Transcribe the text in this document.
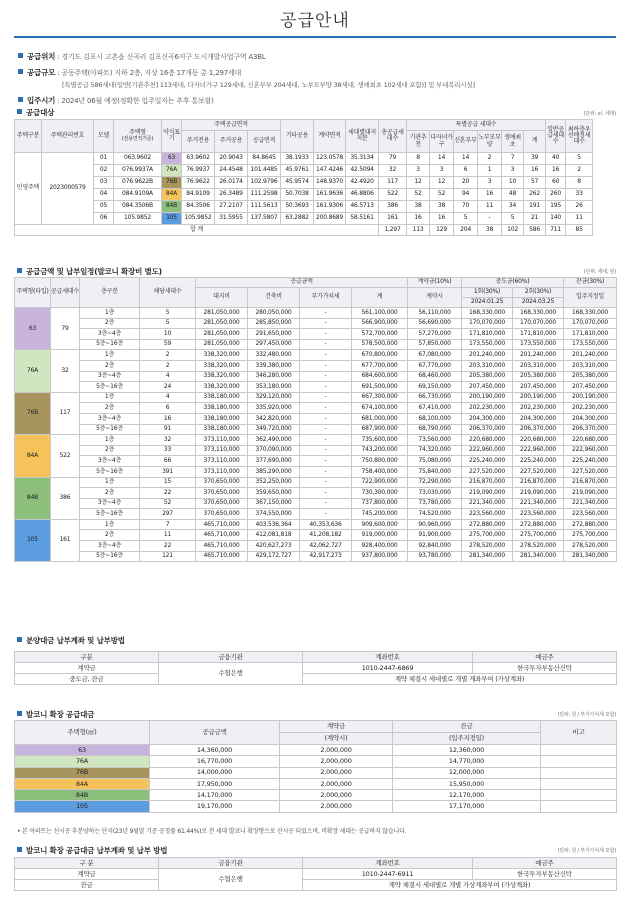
공급안내
공급위치 : 경기도 김포시 고촌읍 신곡리 김포신곡6지구 도시개발사업구역 A3BL
공급규모 : 공동주택(아파트) 지하 2층, 지상 16층 17개동 총 1,297세대
[특별공급 586세대(일반[기관추천] 113세대, 다자녀가구 129세대, 신혼부부 204세대, 노부모부양 38세대, 생애최초 102세대 포함)] 및 부대복리시설]
입주시기 : 2024년 06월 예정(정확한 입주일자는 추후 통보함)
공급대상	(단위: ㎡, 세대)
주택구분	주택관리번호	모델	주택형
(전용면적기준)	약식표기	주택공급면적			기타공용	계약면적	세대별대지지분	총공급세대수	특별공급 세대수						일반공급세대수	최하층우선배정세대수
					주거전용	주거공용	공급면적					기관추천	다자녀가구	신혼부부	노부모부양	생애최초	계		
민영주택	2023000579	01	063.9602	63	63.9602	20.9043	84.8645	38.1933	123.0578	35.3134	79	8	14	14	2	7	39	40	5
		02	076.9937A	76A	76.9937	24.4548	101.4485	45.9761	147.4246	42.5094	32	3	3	6	1	3	16	16	2
		03	076.9622B	76B	76.9622	26.0174	102.9796	45.9574	148.9370	42.4920	117	12	12	20	3	10	57	60	8
		04	084.9109A	84A	84.9109	26.3489	111.2598	50.7038	161.9636	46.8806	522	52	52	94	16	48	262	260	33
		05	084.3506B	84B	84.3506	27.2107	111.5613	50.3693	161.9306	46.5713	386	38	38	70	11	34	191	195	26
		06	105.9852	105	105.9852	31.5955	137.5807	63.2882	200.8689	58.5161	161	16	16	5	-	5	21	140	11
합 계											1,297	113	129	204	38	102	586	711	85
공급금액 및 납부일정(발코니 확장비 별도)	(단위: 세대, 원)
주택형(타입)	공급세대수	층구분	해당세대수	공급금액				계약금(10%)	중도금(60%)		잔금(30%)
				대지비	건축비	부가가치세	계	계약시	1회(30%)	2회(30%)	입주지정일
									2024.01.25	2024.03.25	
63	79	1층	5	281,050,000	280,050,000	-	561,100,000	56,110,000	168,330,000	168,330,000	168,330,000
		2층	5	281,050,000	285,850,000	-	566,900,000	56,690,000	170,070,000	170,070,000	170,070,000
		3층~4층	10	281,050,000	291,650,000	-	572,700,000	57,270,000	171,810,000	171,810,000	171,810,000
		5층~16층	59	281,050,000	297,450,000	-	578,500,000	57,850,000	173,550,000	173,550,000	173,550,000
76A	32	1층	2	338,320,000	332,480,000	-	670,800,000	67,080,000	201,240,000	201,240,000	201,240,000
		2층	2	338,320,000	339,380,000	-	677,700,000	67,770,000	203,310,000	203,310,000	203,310,000
		3층~4층	4	338,320,000	346,280,000	-	684,600,000	68,460,000	205,380,000	205,380,000	205,380,000
		5층~16층	24	338,320,000	353,180,000	-	691,500,000	69,150,000	207,450,000	207,450,000	207,450,000
76B	117	1층	4	338,180,000	329,120,000	-	667,300,000	66,730,000	200,190,000	200,190,000	200,190,000
		2층	6	338,180,000	335,920,000	-	674,100,000	67,410,000	202,230,000	202,230,000	202,230,000
		3층~4층	16	338,180,000	342,820,000	-	681,000,000	68,100,000	204,300,000	204,300,000	204,300,000
		5층~16층	91	338,180,000	349,720,000	-	687,900,000	68,790,000	206,370,000	206,370,000	206,370,000
84A	522	1층	32	373,110,000	362,490,000	-	735,600,000	73,560,000	220,680,000	220,680,000	220,680,000
		2층	33	373,110,000	370,090,000	-	743,200,000	74,320,000	222,960,000	222,960,000	222,960,000
		3층~4층	66	373,110,000	377,690,000	-	750,800,000	75,080,000	225,240,000	225,240,000	225,240,000
		5층~16층	391	373,110,000	385,290,000	-	758,400,000	75,840,000	227,520,000	227,520,000	227,520,000
84B	386	1층	15	370,650,000	352,250,000	-	722,900,000	72,290,000	216,870,000	216,870,000	216,870,000
		2층	22	370,650,000	359,650,000	-	730,300,000	73,030,000	219,090,000	219,090,000	219,090,000
		3층~4층	52	370,650,000	367,150,000	-	737,800,000	73,780,000	221,340,000	221,340,000	221,340,000
		5층~16층	297	370,650,000	374,550,000	-	745,200,000	74,520,000	223,560,000	223,560,000	223,560,000
105	161	1층	7	465,710,000	403,536,364	40,353,636	909,600,000	90,960,000	272,880,000	272,880,000	272,880,000
		2층	11	465,710,000	412,081,818	41,208,182	919,000,000	91,900,000	275,700,000	275,700,000	275,700,000
		3층~4층	22	465,710,000	420,627,273	42,062,727	928,400,000	92,840,000	278,520,000	278,520,000	278,520,000
		5층~16층	121	465,710,000	429,172,727	42,917,273	937,800,000	93,780,000	281,340,000	281,340,000	281,340,000
분양대금 납부계좌 및 납부방법
구분	금융기관	계좌번호	예금주
계약금	수협은행	1010-2447-6869	한국투자부동산신탁
중도금, 잔금		계약 체결시 세대별로 개별 계좌부여 (가상계좌)	
발코니 확장 공급대금	(단위: 원 / 부가가치세 포함)
주택형(㎡)	공급금액	계약금	잔금	비고
		(계약시)	(입주지정일)	
63	14,360,000	2,000,000	12,360,000	
76A	16,770,000	2,000,000	14,770,000	
76B	14,000,000	2,000,000	12,000,000	
84A	17,950,000	2,000,000	15,950,000	
84B	14,170,000	2,000,000	12,170,000	
105	19,170,000	2,000,000	17,170,000	
• 본 아파트는 선시공 후분양하는 단지(23년 9월말 기준 공정률 61.44%)로 전 세대 발코니 확장형으로 선시공 되었으며, 비확장 세대는 공급하지 않습니다.
발코니 확장 공급대금 납부계좌 및 납부 방법	(단위: 원 / 부가가치세 포함)
구 분	금융기관	계좌번호	예금주
계약금	수협은행	1010-2447-6911	한국투자부동산신탁
잔금		계약 체결시 세대별로 개별 가상계좌부여 (가상계좌)	
